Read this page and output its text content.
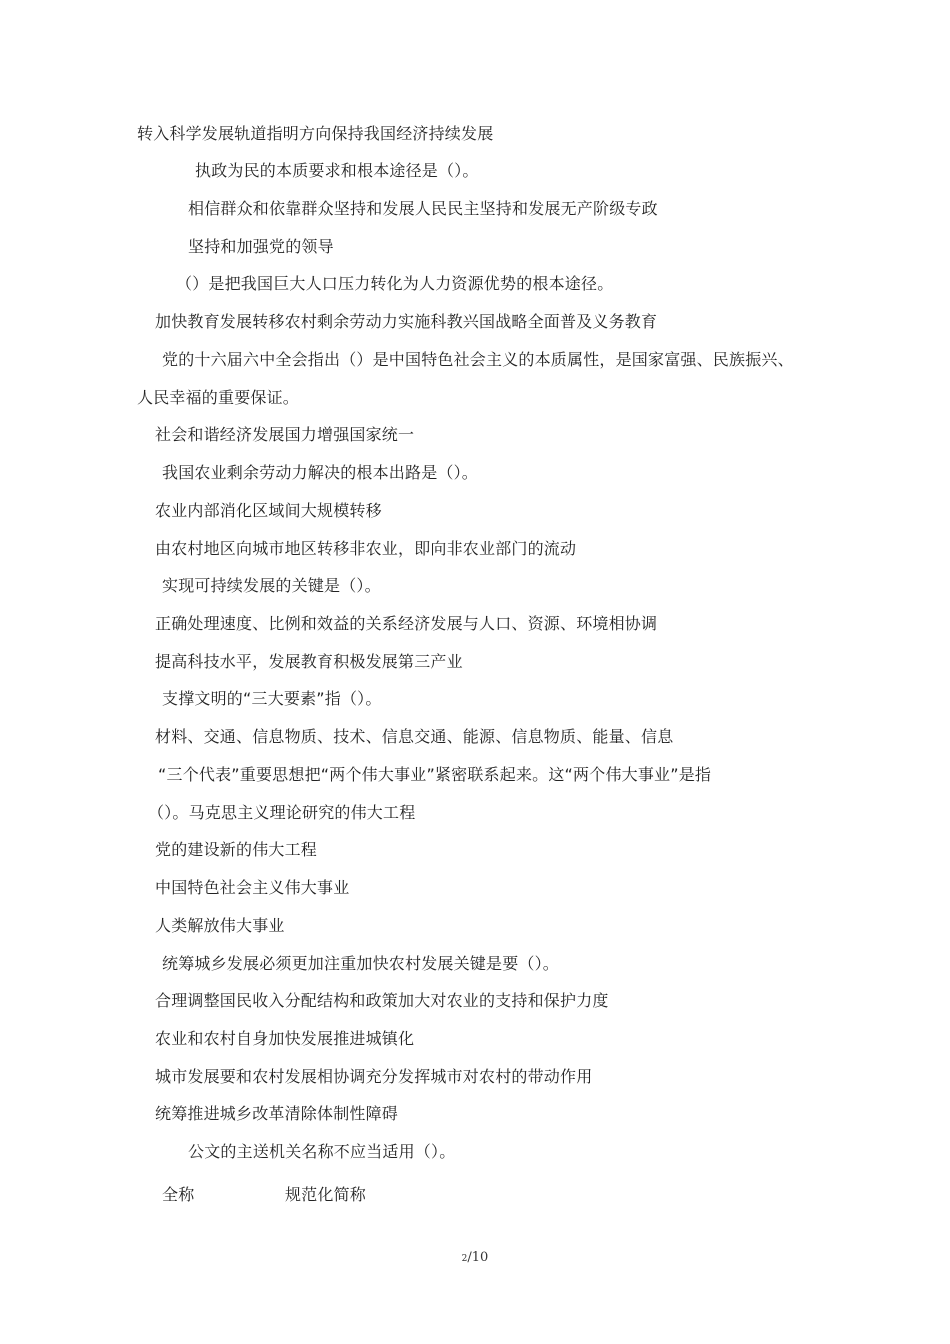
转入科学发展轨道指明方向保持我国经济持续发展
执政为民的本质要求和根本途径是（）。
相信群众和依靠群众坚持和发展人民民主坚持和发展无产阶级专政
坚持和加强党的领导
（）是把我国巨大人口压力转化为人力资源优势的根本途径。
加快教育发展转移农村剩余劳动力实施科教兴国战略全面普及义务教育
党的十六届六中全会指出（）是中国特色社会主义的本质属性，是国家富强、民族振兴、
人民幸福的重要保证。
社会和谐经济发展国力增强国家统一
我国农业剩余劳动力解决的根本出路是（）。
农业内部消化区域间大规模转移
由农村地区向城市地区转移非农业，即向非农业部门的流动
实现可持续发展的关键是（）。
正确处理速度、比例和效益的关系经济发展与人口、资源、环境相协调
提高科技水平，发展教育积极发展第三产业
支撑文明的“三大要素”指（）。
材料、交通、信息物质、技术、信息交通、能源、信息物质、能量、信息
“三个代表”重要思想把“两个伟大事业”紧密联系起来。这“两个伟大事业”是指
（）。马克思主义理论研究的伟大工程
党的建设新的伟大工程
中国特色社会主义伟大事业
人类解放伟大事业
统筹城乡发展必须更加注重加快农村发展关键是要（）。
合理调整国民收入分配结构和政策加大对农业的支持和保护力度
农业和农村自身加快发展推进城镇化
城市发展要和农村发展相协调充分发挥城市对农村的带动作用
统筹推进城乡改革清除体制性障碍
公文的主送机关名称不应当适用（）。
全称	规范化简称
2/10
